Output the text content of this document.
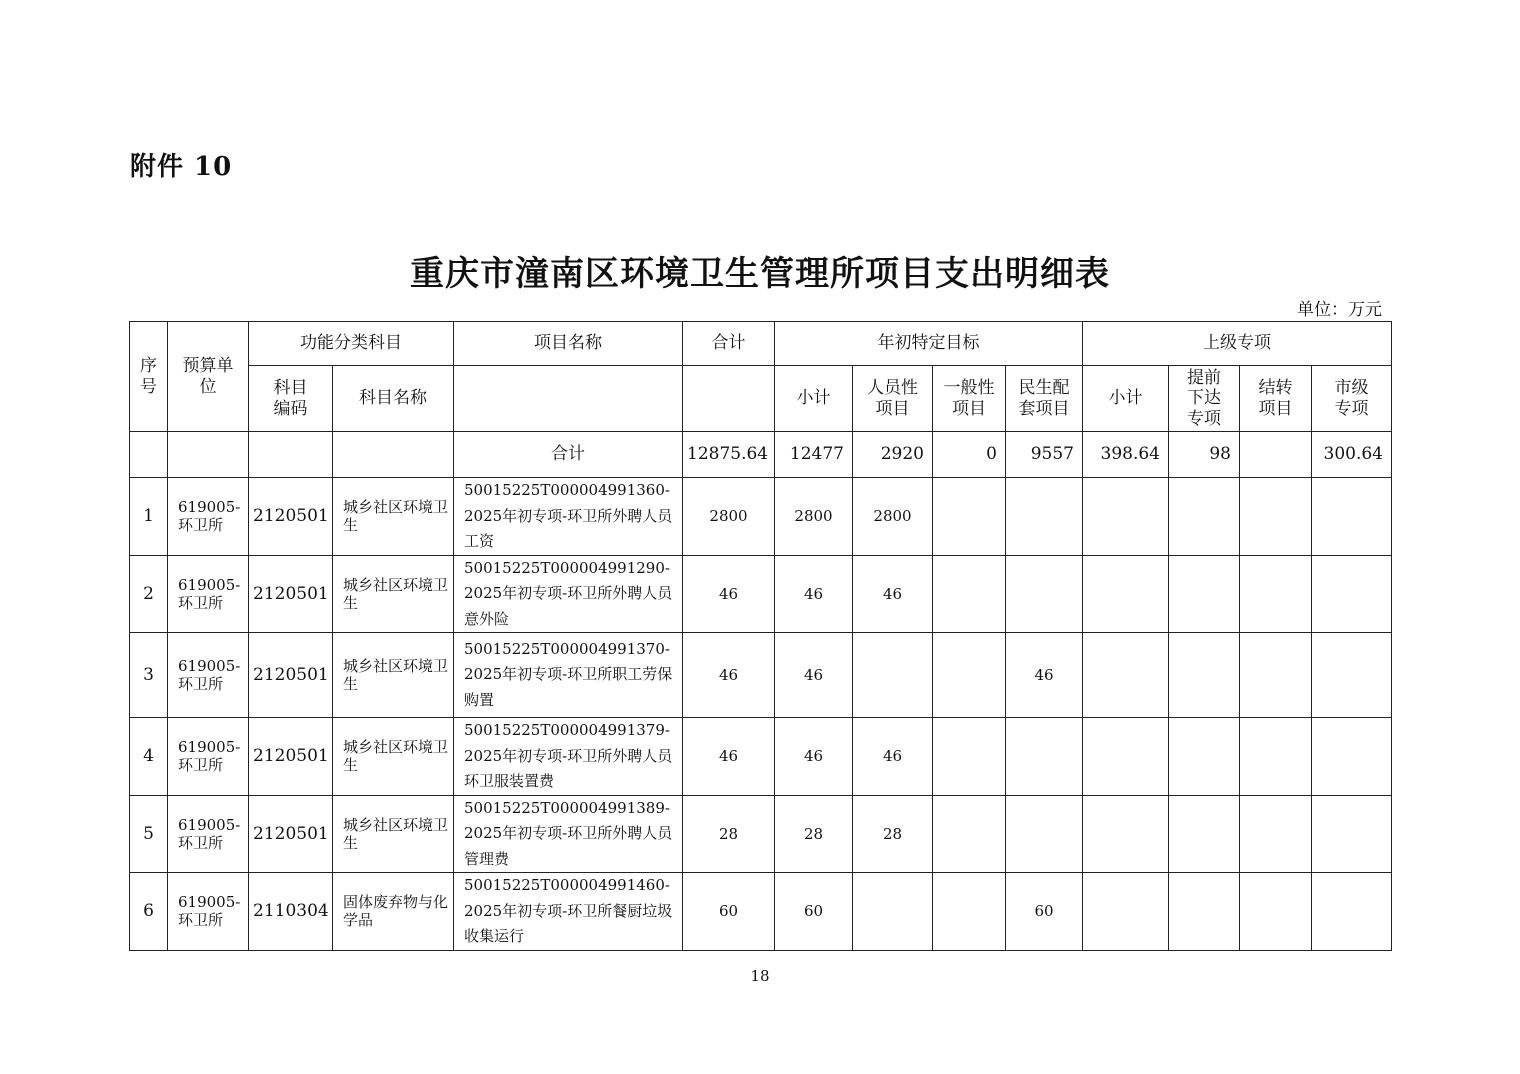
附件 10
重庆市潼南区环境卫生管理所项目支出明细表
单位：万元
序号	预算单位	功能分类科目		项目名称	合计	年初特定目标				上级专项			
		科目编码	科目名称			小计	人员性项目	一般性项目	民生配套项目	小计	提前下达专项	结转项目	市级专项
				合计	12875.64	12477	2920	0	9557	398.64	98		300.64
1	619005-环卫所	2120501	城乡社区环境卫生	50015225T000004991360-2025年初专项-环卫所外聘人员工资	2800	2800	2800						
2	619005-环卫所	2120501	城乡社区环境卫生	50015225T000004991290-2025年初专项-环卫所外聘人员意外险	46	46	46						
3	619005-环卫所	2120501	城乡社区环境卫生	50015225T000004991370-2025年初专项-环卫所职工劳保购置	46	46			46				
4	619005-环卫所	2120501	城乡社区环境卫生	50015225T000004991379-2025年初专项-环卫所外聘人员环卫服装置费	46	46	46						
5	619005-环卫所	2120501	城乡社区环境卫生	50015225T000004991389-2025年初专项-环卫所外聘人员管理费	28	28	28						
6	619005-环卫所	2110304	固体废弃物与化学品	50015225T000004991460-2025年初专项-环卫所餐厨垃圾收集运行	60	60			60				
18
